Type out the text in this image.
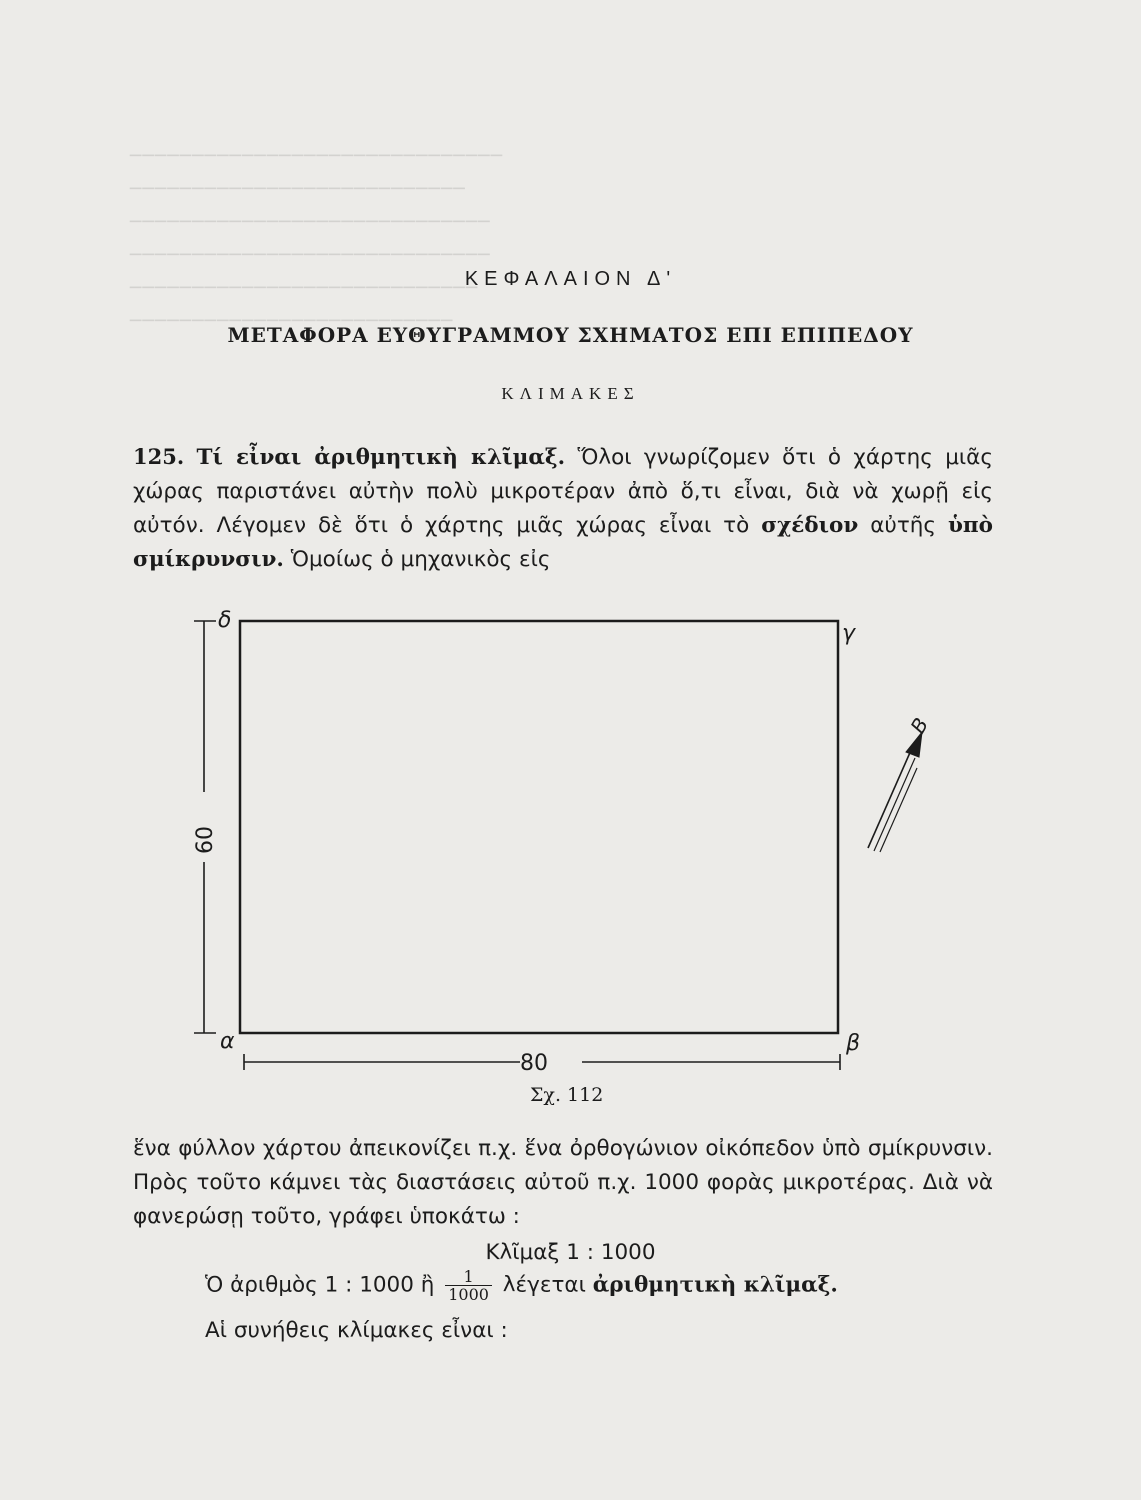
──────────────────────────────
───────────────────────────
─────────────────────────────
─────────────────────────────
────────────────────────────
──────────────────────────
ΚΕΦΑΛΑΙΟΝ Δ'
ΜΕΤΑΦΟΡΑ ΕΥΘΥΓΡΑΜΜΟΥ ΣΧΗΜΑΤΟΣ ΕΠΙ ΕΠΙΠΕΔΟΥ
ΚΛΙΜΑΚΕΣ
125. Τί εἶναι ἀριθμητικὴ κλῖμαξ. Ὅλοι γνωρίζομεν ὅτι ὁ χάρτης μιᾶς χώρας παριστάνει αὐτὴν πολὺ μικροτέραν ἀπὸ ὅ,τι εἶναι, διὰ νὰ χωρῇ εἰς αὐτόν. Λέγομεν δὲ ὅτι ὁ χάρτης μιᾶς χώρας εἶναι τὸ σχέδιον αὐτῆς ὑπὸ σμίκρυνσιν. Ὁμοίως ὁ μηχανικὸς εἰς
δ
γ
α	β
80
60
Β
Σχ. 112
ἕνα φύλλον χάρτου ἀπεικονίζει π.χ. ἕνα ὀρθογώνιον οἰκόπεδον ὑπὸ σμίκρυνσιν. Πρὸς τοῦτο κάμνει τὰς διαστάσεις αὐτοῦ π.χ. 1000 φορὰς μικροτέρας. Διὰ νὰ φανερώσῃ τοῦτο, γράφει ὑποκάτω :
Κλῖμαξ 1 : 1000
Ὁ ἀριθμὸς 1 : 1000 ἢ $\frac{1}{1000}$ λέγεται ἀριθμητικὴ κλῖμαξ.
Αἱ συνήθεις κλίμακες εἶναι :
